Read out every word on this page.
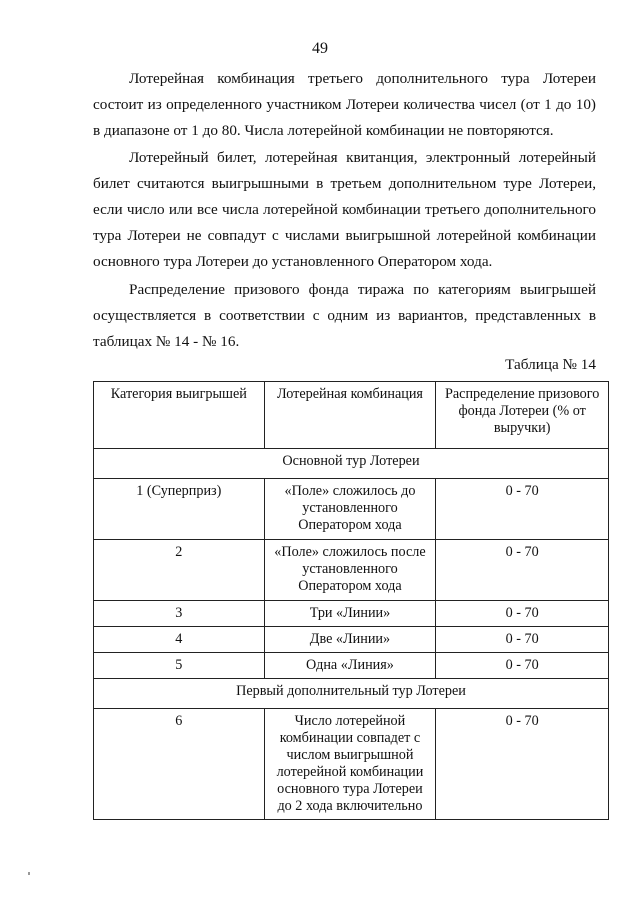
49

Лотерейная комбинация третьего дополнительного тура Лотереи состоит из определенного участником Лотереи количества чисел (от 1 до 10) в диапазоне от 1 до 80. Числа лотерейной комбинации не повторяются.

Лотерейный билет, лотерейная квитанция, электронный лотерейный билет считаются выигрышными в третьем дополнительном туре Лотереи, если число или все числа лотерейной комбинации третьего дополнительного тура Лотереи не совпадут с числами выигрышной лотерейной комбинации основного тура Лотереи до установленного Оператором хода.

Распределение призового фонда тиража по категориям выигрышей осуществляется в соответствии с одним из вариантов, представленных в таблицах № 14 - № 16.

Таблица № 14
Категория выигрышей	Лотерейная комбинация	Распределение призового фонда Лотереи (% от выручки)
Основной тур Лотереи		
1 (Суперприз)	«Поле» сложилось до установленного Оператором хода	0 - 70
2	«Поле» сложилось после установленного Оператором хода	0 - 70
3	Три «Линии»	0 - 70
4	Две «Линии»	0 - 70
5	Одна «Линия»	0 - 70
Первый дополнительный тур Лотереи		
6	Число лотерейной комбинации совпадет с числом выигрышной лотерейной комбинации основного тура Лотереи до 2 хода включительно	0 - 70
